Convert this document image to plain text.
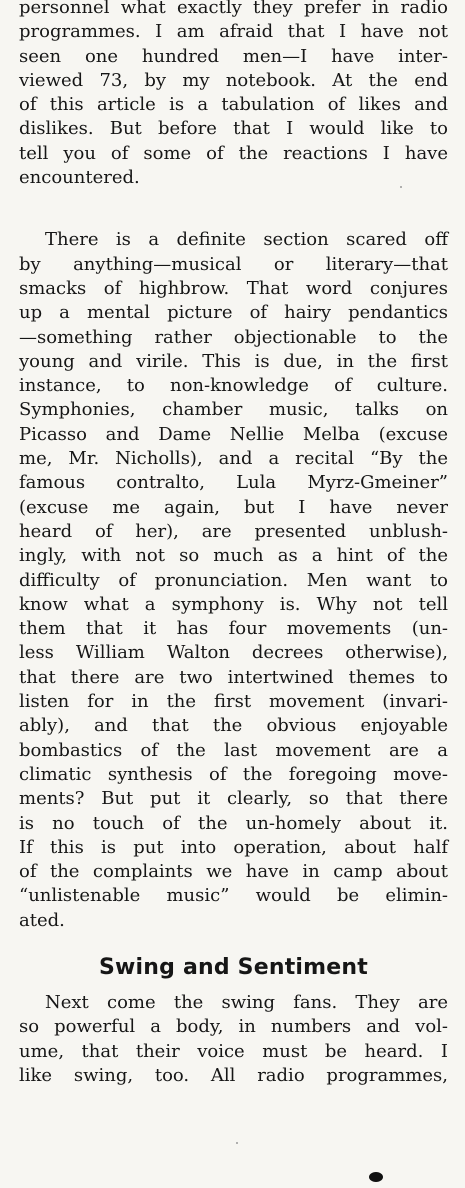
personnel what exactly they prefer in radio
programmes. I am afraid that I have not
seen one hundred men—I have inter-
viewed 73, by my notebook. At the end
of this article is a tabulation of likes and
dislikes. But before that I would like to
tell you of some of the reactions I have
encountered.
There is a definite section scared off
by anything—musical or literary—that
smacks of highbrow. That word conjures
up a mental picture of hairy pendantics
—something rather objectionable to the
young and virile. This is due, in the first
instance, to non-knowledge of culture.
Symphonies, chamber music, talks on
Picasso and Dame Nellie Melba (excuse
me, Mr. Nicholls), and a recital “By the
famous contralto, Lula Myrz-Gmeiner”
(excuse me again, but I have never
heard of her), are presented unblush-
ingly, with not so much as a hint of the
difficulty of pronunciation. Men want to
know what a symphony is. Why not tell
them that it has four movements (un-
less William Walton decrees otherwise),
that there are two intertwined themes to
listen for in the first movement (invari-
ably), and that the obvious enjoyable
bombastics of the last movement are a
climatic synthesis of the foregoing move-
ments? But put it clearly, so that there
is no touch of the un-homely about it.
If this is put into operation, about half
of the complaints we have in camp about
“unlistenable music” would be elimin-
ated.
Swing and Sentiment
Next come the swing fans. They are
so powerful a body, in numbers and vol-
ume, that their voice must be heard. I
like swing, too. All radio programmes,
